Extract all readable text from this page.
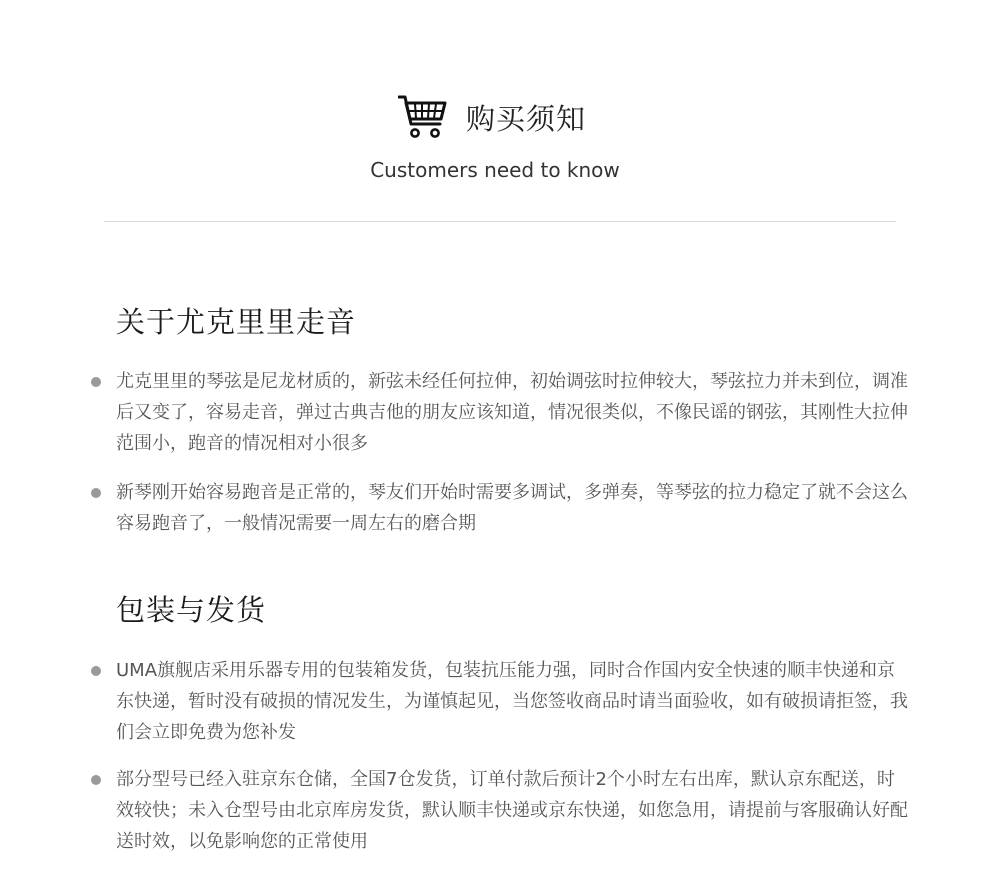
购买须知
Customers need to know
关于尤克里里走音
尤克里里的琴弦是尼龙材质的，新弦未经任何拉伸，初始调弦时拉伸较大，琴弦拉力并未到位，调准后又变了，容易走音，弹过古典吉他的朋友应该知道，情况很类似，不像民谣的钢弦，其刚性大拉伸范围小，跑音的情况相对小很多
新琴刚开始容易跑音是正常的，琴友们开始时需要多调试，多弹奏，等琴弦的拉力稳定了就不会这么容易跑音了，一般情况需要一周左右的磨合期
包装与发货
UMA旗舰店采用乐器专用的包装箱发货，包装抗压能力强，同时合作国内安全快速的顺丰快递和京东快递，暂时没有破损的情况发生，为谨慎起见，当您签收商品时请当面验收，如有破损请拒签，我们会立即免费为您补发
部分型号已经入驻京东仓储，全国7仓发货，订单付款后预计2个小时左右出库，默认京东配送，时效较快；未入仓型号由北京库房发货，默认顺丰快递或京东快递，如您急用，请提前与客服确认好配送时效，以免影响您的正常使用
